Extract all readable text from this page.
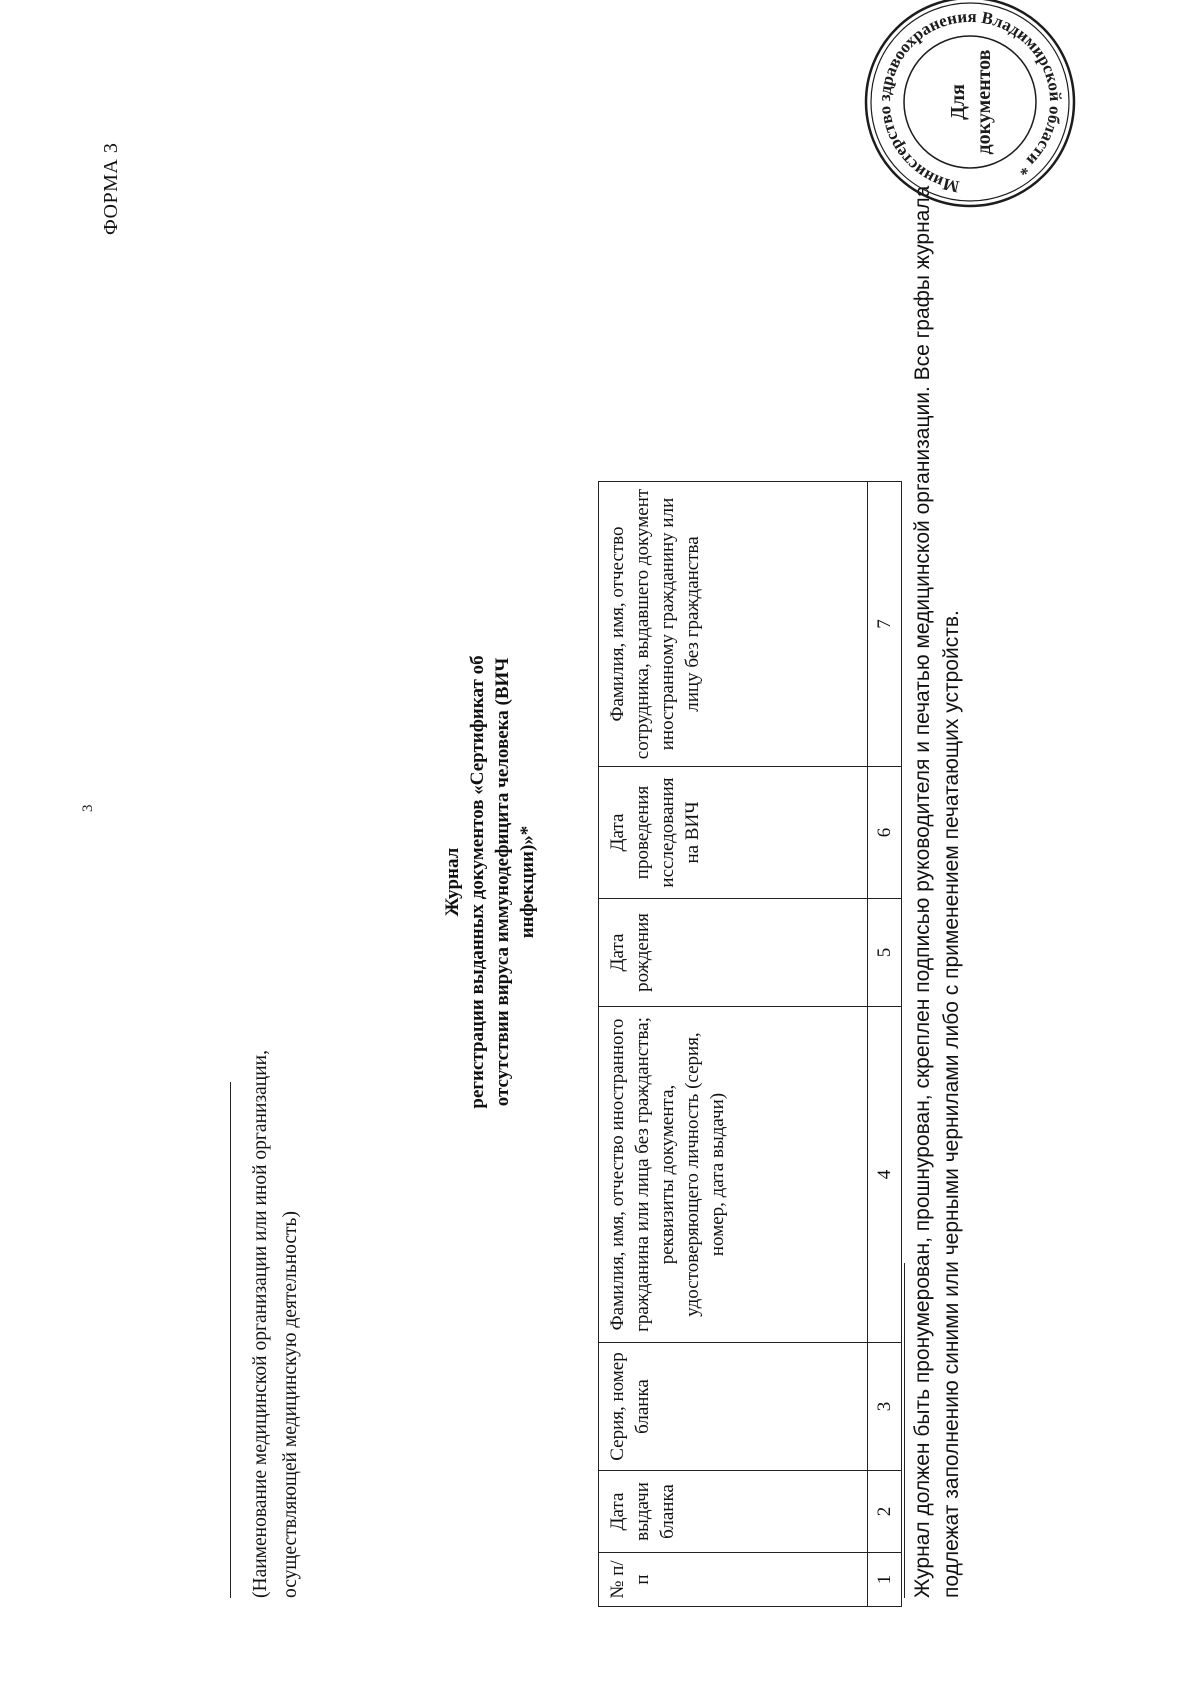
3
ФОРМА 3
(Наименование медицинской организации или иной организации, осуществляющей медицинскую деятельность)
Журнал регистрации выданных документов «Сертификат об отсутствии вируса иммунодефицита человека (ВИЧ инфекции)»*
№ п/п	Дата выдачи бланка	Серия, номер бланка	Фамилия, имя, отчество иностранного гражданина или лица без гражданства; реквизиты документа, удостоверяющего личность (серия, номер, дата выдачи)	Дата рождения	Дата проведения исследования на ВИЧ	Фамилия, имя, отчество сотрудника, выдавшего документ иностранному гражданину или лицу без гражданства
1	2	3	4	5	6	7 Журнал должен быть пронумерован, прошнурован, скреплен подписью руководителя и печатью медицинской организации. Все графы журнала подлежат заполнению синими или черными чернилами либо с применением печатающих устройств.
Министерство здравоохранения Владимирской области *
Для документов
